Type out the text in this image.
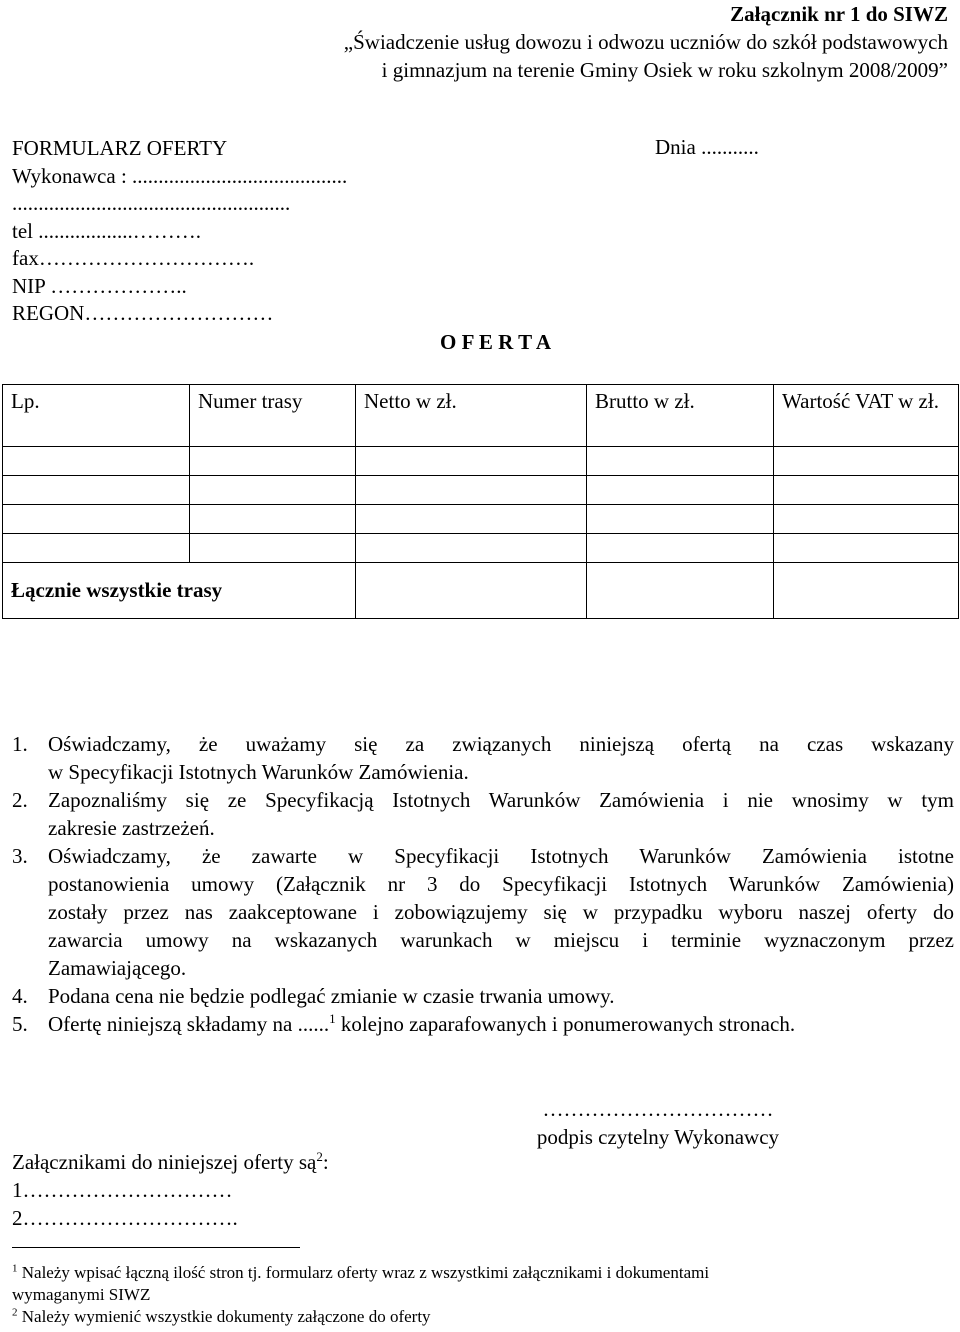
Załącznik nr 1 do SIWZ
„Świadczenie usług dowozu i odwozu uczniów do szkół podstawowych
i gimnazjum na terenie Gminy Osiek w roku szkolnym 2008/2009”
FORMULARZ OFERTY
Wykonawca : .........................................
.....................................................
tel ..................……….
fax………………………….
NIP ………………..
REGON………………………
Dnia ...........
O F E R T A
Lp.	Numer trasy	Netto w zł.	Brutto w zł.	Wartość VAT w zł.

Łącznie wszystkie trasy				
1. Oświadczamy, że uważamy się za związanych niniejszą ofertą na czas wskazany
w Specyfikacji Istotnych Warunków Zamówienia.
2. Zapoznaliśmy się ze Specyfikacją Istotnych Warunków Zamówienia i nie wnosimy w tym
zakresie zastrzeżeń.
3. Oświadczamy, że zawarte w Specyfikacji Istotnych Warunków Zamówienia istotne
postanowienia umowy (Załącznik nr 3 do Specyfikacji Istotnych Warunków Zamówienia)
zostały przez nas zaakceptowane i zobowiązujemy się w przypadku wyboru naszej oferty do
zawarcia umowy na wskazanych warunkach w miejscu i terminie wyznaczonym przez
Zamawiającego.
4. Podana cena nie będzie podlegać zmianie w czasie trwania umowy.
5. Ofertę niniejszą składamy na ......$^1$ kolejno zaparafowanych i ponumerowanych stronach.
……………………………
podpis czytelny Wykonawcy
Załącznikami do niniejszej oferty $są^2$:
1…………………………
2………………………….
$^1$ Należy wpisać łączną ilość stron tj. formularz oferty wraz z wszystkimi załącznikami i dokumentami
wymaganymi SIWZ
$^2$ Należy wymienić wszystkie dokumenty załączone do oferty
